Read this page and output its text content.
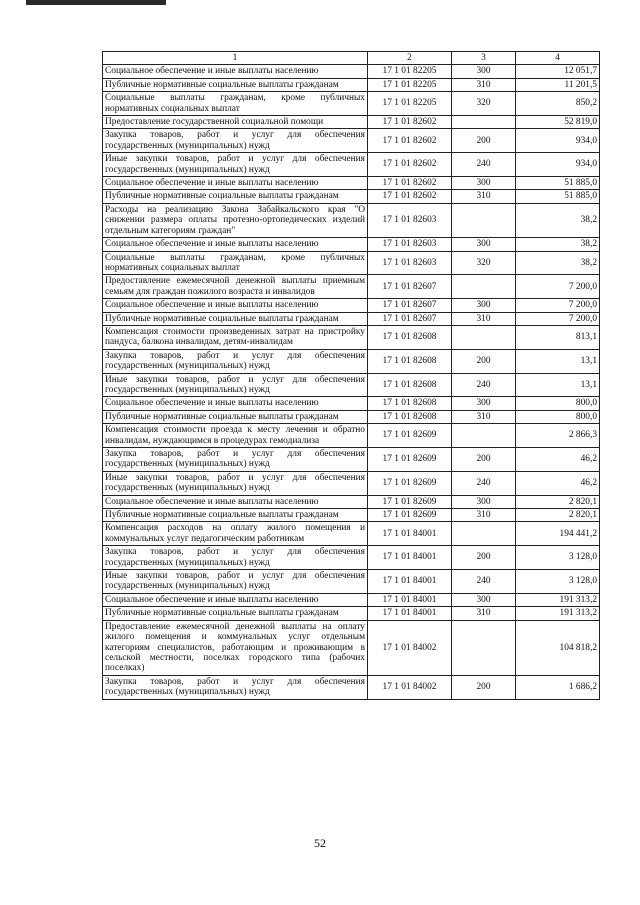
1	2	3	4
Социальное обеспечение и иные выплаты населению	17 1 01 82205	300	12 051,7
Публичные нормативные социальные выплаты гражданам	17 1 01 82205	310	11 201,5
Социальные выплаты гражданам, кроме публичных нормативных социальных выплат	17 1 01 82205	320	850,2
Предоставление государственной социальной помощи	17 1 01 82602		52 819,0
Закупка товаров, работ и услуг для обеспечения государственных (муниципальных) нужд	17 1 01 82602	200	934,0
Иные закупки товаров, работ и услуг для обеспечения государственных (муниципальных) нужд	17 1 01 82602	240	934,0
Социальное обеспечение и иные выплаты населению	17 1 01 82602	300	51 885,0
Публичные нормативные социальные выплаты гражданам	17 1 01 82602	310	51 885,0
Расходы на реализацию Закона Забайкальского края "О снижении размера оплаты протезно-ортопедических изделий отдельным категориям граждан"	17 1 01 82603		38,2
Социальное обеспечение и иные выплаты населению	17 1 01 82603	300	38,2
Социальные выплаты гражданам, кроме публичных нормативных социальных выплат	17 1 01 82603	320	38,2
Предоставление ежемесячной денежной выплаты приемным семьям для граждан пожилого возраста и инвалидов	17 1 01 82607		7 200,0
Социальное обеспечение и иные выплаты населению	17 1 01 82607	300	7 200,0
Публичные нормативные социальные выплаты гражданам	17 1 01 82607	310	7 200,0
Компенсация стоимости произведенных затрат на пристройку пандуса, балкона инвалидам, детям-инвалидам	17 1 01 82608		813,1
Закупка товаров, работ и услуг для обеспечения государственных (муниципальных) нужд	17 1 01 82608	200	13,1
Иные закупки товаров, работ и услуг для обеспечения государственных (муниципальных) нужд	17 1 01 82608	240	13,1
Социальное обеспечение и иные выплаты населению	17 1 01 82608	300	800,0
Публичные нормативные социальные выплаты гражданам	17 1 01 82608	310	800,0
Компенсация стоимости проезда к месту лечения и обратно инвалидам, нуждающимся в процедурах гемодиализа	17 1 01 82609		2 866,3
Закупка товаров, работ и услуг для обеспечения государственных (муниципальных) нужд	17 1 01 82609	200	46,2
Иные закупки товаров, работ и услуг для обеспечения государственных (муниципальных) нужд	17 1 01 82609	240	46,2
Социальное обеспечение и иные выплаты населению	17 1 01 82609	300	2 820,1
Публичные нормативные социальные выплаты гражданам	17 1 01 82609	310	2 820,1
Компенсация расходов на оплату жилого помещения и коммунальных услуг педагогическим работникам	17 1 01 84001		194 441,2
Закупка товаров, работ и услуг для обеспечения государственных (муниципальных) нужд	17 1 01 84001	200	3 128,0
Иные закупки товаров, работ и услуг для обеспечения государственных (муниципальных) нужд	17 1 01 84001	240	3 128,0
Социальное обеспечение и иные выплаты населению	17 1 01 84001	300	191 313,2
Публичные нормативные социальные выплаты гражданам	17 1 01 84001	310	191 313,2
Предоставление ежемесячной денежной выплаты на оплату жилого помещения и коммунальных услуг отдельным категориям специалистов, работающим и проживающим в сельской местности, поселках городского типа (рабочих поселках)	17 1 01 84002		104 818,2
Закупка товаров, работ и услуг для обеспечения государственных (муниципальных) нужд	17 1 01 84002	200	1 686,2
52
